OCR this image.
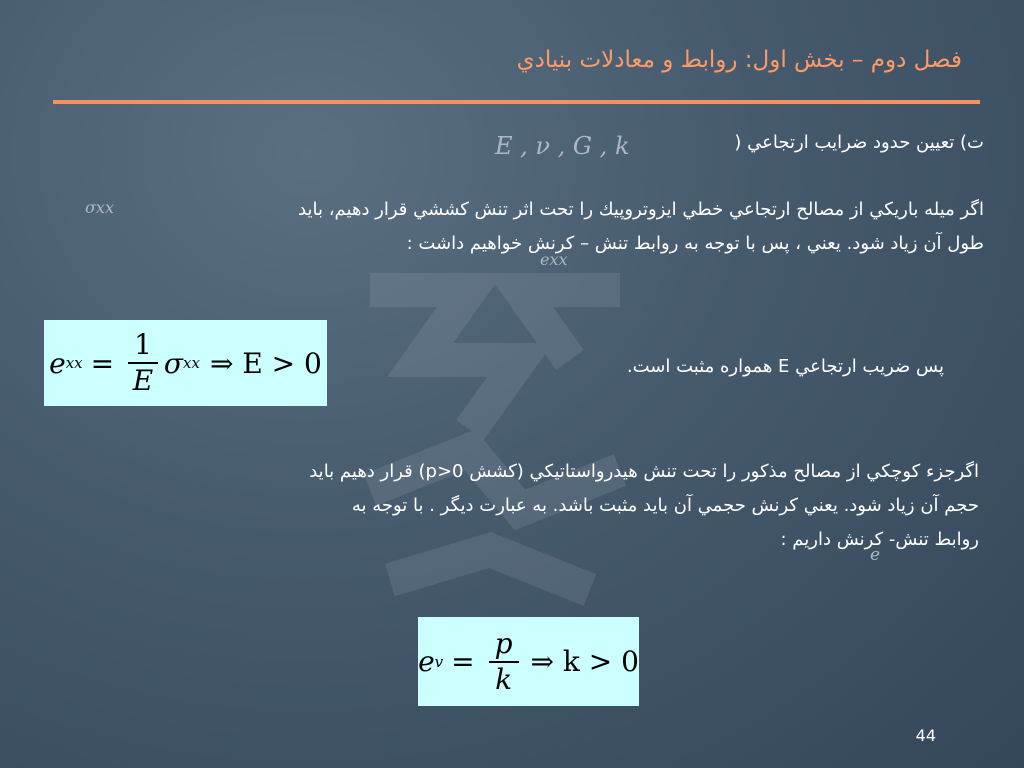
فصل دوم – بخش اول: روابط و معادلات بنيادي
ت) تعيين حدود ضرايب ارتجاعي (
E , ν , G , k
اگر ميله باريکي از مصالح ارتجاعي خطي ايزوتروپيك را تحت اثر تنش کششي قرار دهيم، بايد
طول آن زياد شود. يعني ، پس با توجه به روابط تنش – کرنش خواهيم داشت :
σxx
exx
e xx = $\frac{1}{E}$ σ xx ⇒ E > 0	پس ضريب ارتجاعي E همواره مثبت است.
اگرجزء کوچکي از مصالح مذکور را تحت تنش هيدرواستاتيکي (کشش p>0) قرار دهيم بايد
حجم آن زياد شود. يعني کرنش حجمي آن بايد مثبت باشد. به عبارت ديگر . با توجه به
روابط تنش- کرنش داريم :
e
e $v = \frac{p}{k}$ ⇒ k > 0
44
